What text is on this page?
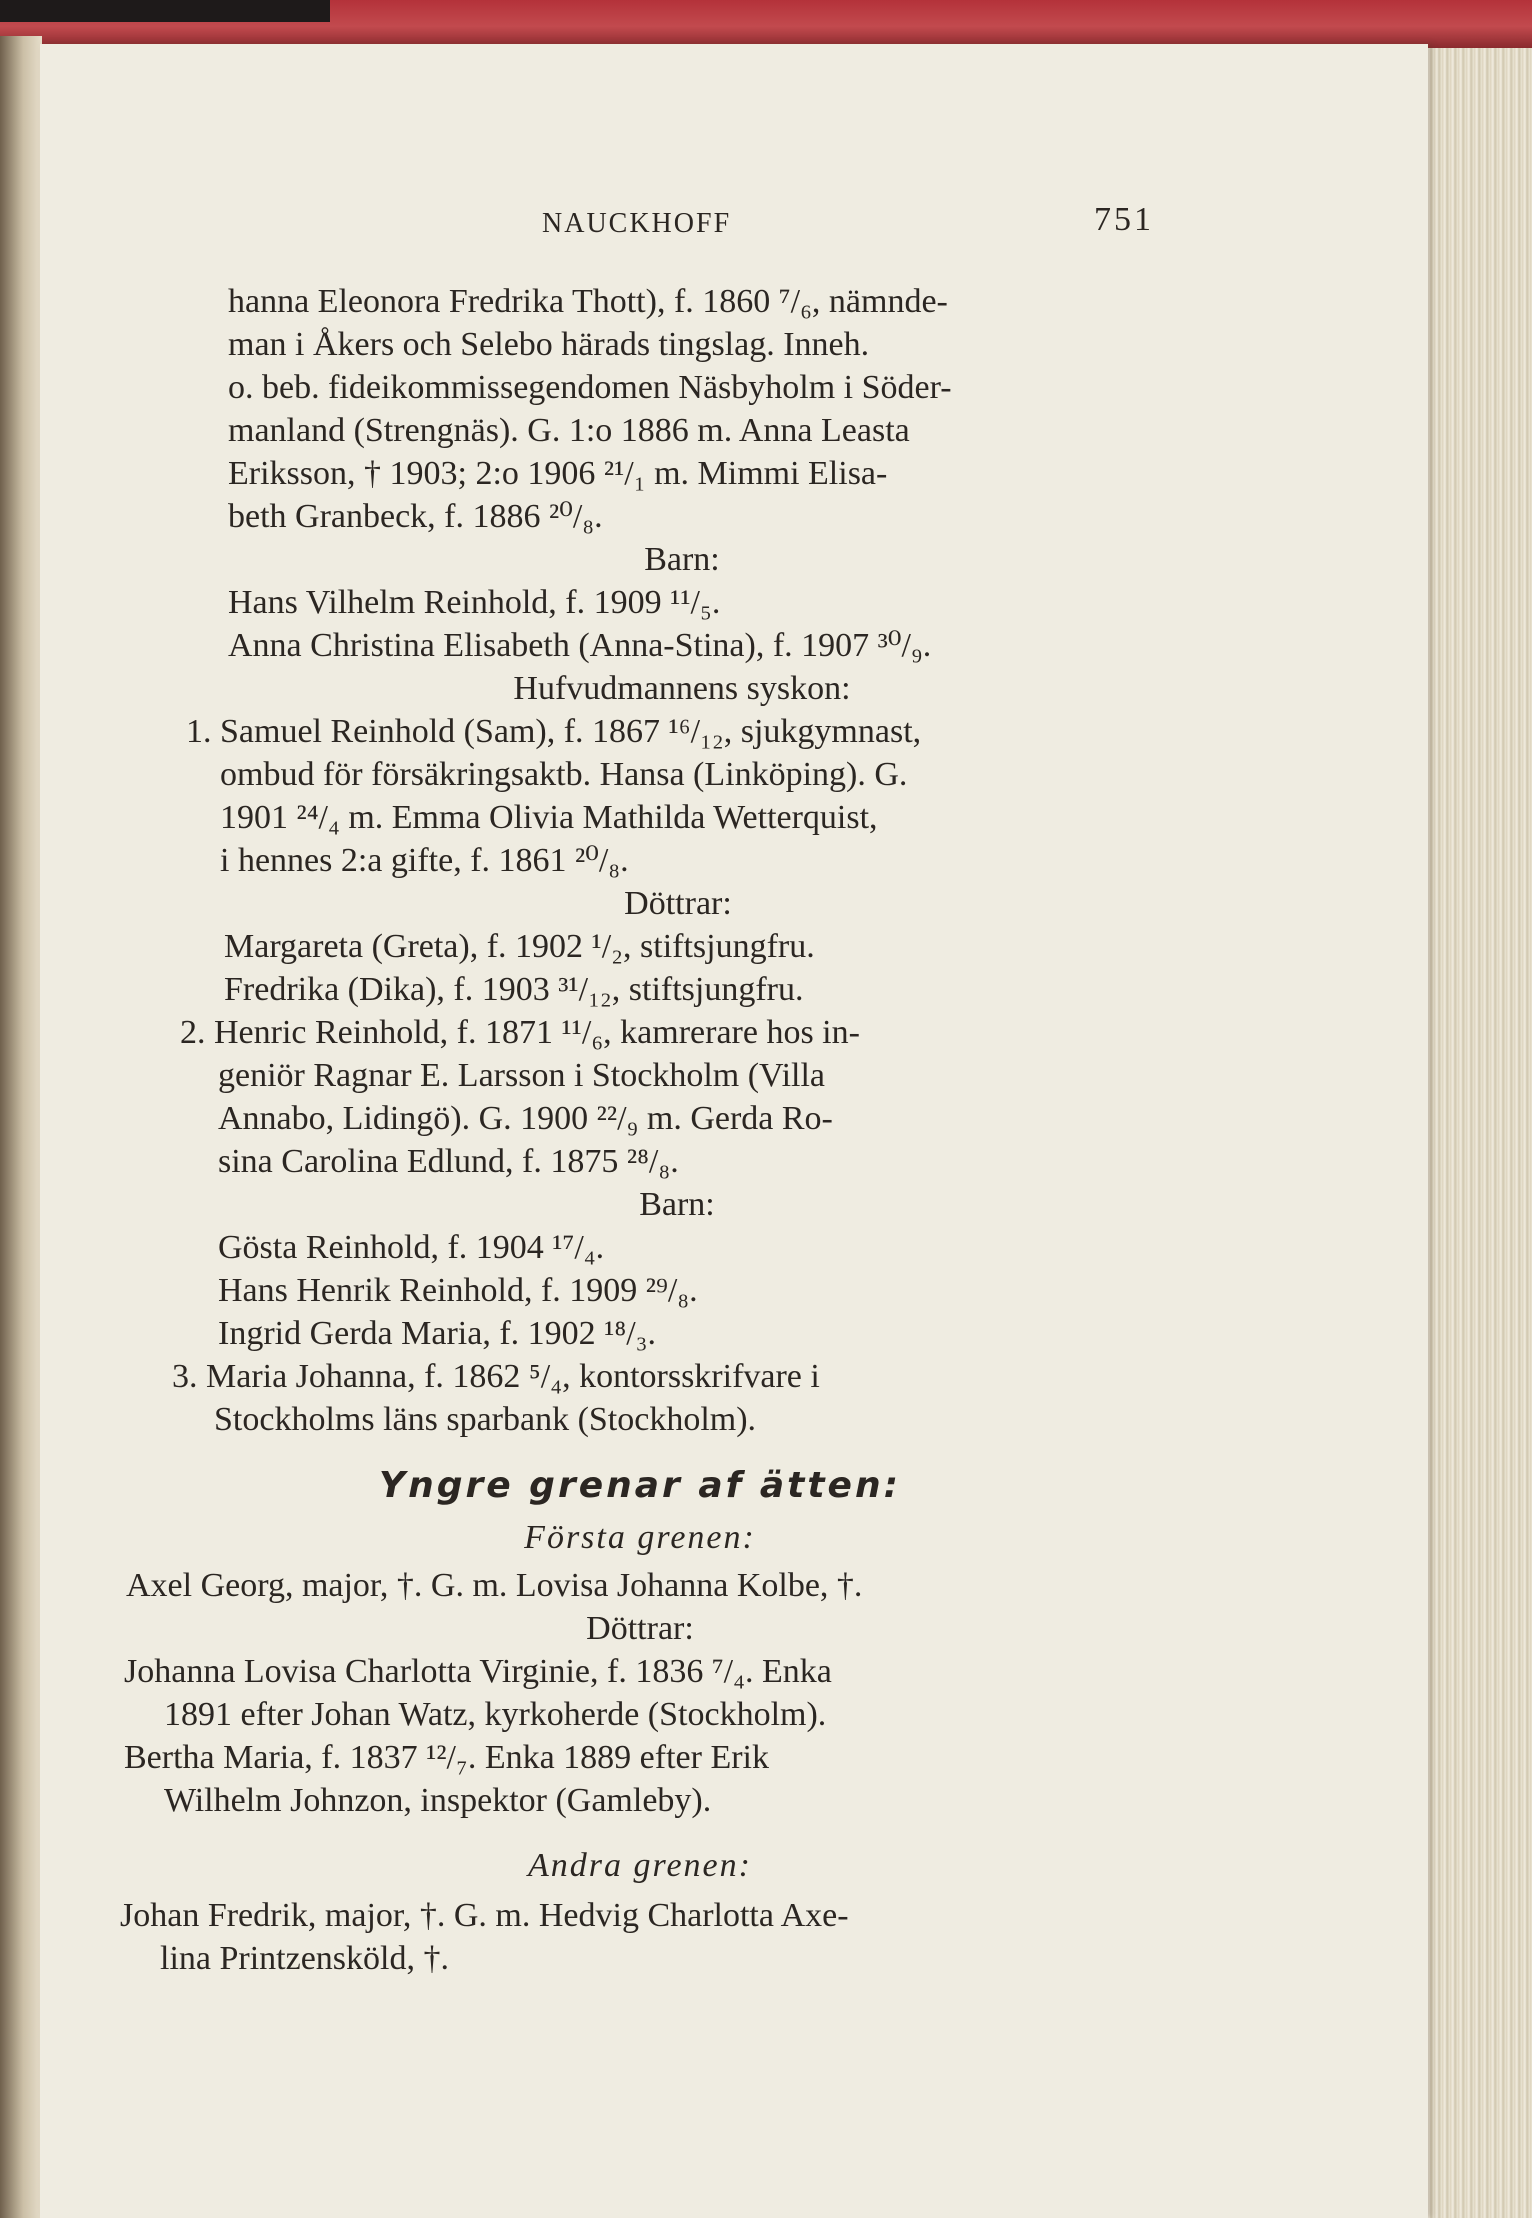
NAUCKHOFF	751

hanna Eleonora Fredrika Thott), f. 1860 ⁷/₆, nämnde-

man i Åkers och Selebo härads tingslag. Inneh.

o. beb. fideikommissegendomen Näsbyholm i Söder-

manland (Strengnäs). G. 1:o 1886 m. Anna Leasta

Eriksson, † 1903; 2:o 1906 ²¹/₁ m. Mimmi Elisa-

beth Granbeck, f. 1886 ²⁰/₈.

Barn:

Hans Vilhelm Reinhold, f. 1909 ¹¹/₅.

Anna Christina Elisabeth (Anna-Stina), f. 1907 ³⁰/₉.

Hufvudmannens syskon:

1. Samuel Reinhold (Sam), f. 1867 ¹⁶/₁₂, sjukgymnast,

ombud för försäkringsaktb. Hansa (Linköping). G.

1901 ²⁴/₄ m. Emma Olivia Mathilda Wetterquist,

i hennes 2:a gifte, f. 1861 ²⁰/₈.

Döttrar:

Margareta (Greta), f. 1902 ¹/₂, stiftsjungfru.

Fredrika (Dika), f. 1903 ³¹/₁₂, stiftsjungfru.

2. Henric Reinhold, f. 1871 ¹¹/₆, kamrerare hos in-

geniör Ragnar E. Larsson i Stockholm (Villa

Annabo, Lidingö). G. 1900 ²²/₉ m. Gerda Ro-

sina Carolina Edlund, f. 1875 ²⁸/₈.

Barn:

Gösta Reinhold, f. 1904 ¹⁷/₄.

Hans Henrik Reinhold, f. 1909 ²⁹/₈.

Ingrid Gerda Maria, f. 1902 ¹⁸/₃.

3. Maria Johanna, f. 1862 ⁵/₄, kontorsskrifvare i

Stockholms läns sparbank (Stockholm).

Yngre grenar af ätten:

Första grenen:

Axel Georg, major, †. G. m. Lovisa Johanna Kolbe, †.

Döttrar:

Johanna Lovisa Charlotta Virginie, f. 1836 ⁷/₄. Enka

1891 efter Johan Watz, kyrkoherde (Stockholm).

Bertha Maria, f. 1837 ¹²/₇. Enka 1889 efter Erik

Wilhelm Johnzon, inspektor (Gamleby).

Andra grenen:

Johan Fredrik, major, †. G. m. Hedvig Charlotta Axe-

lina Printzensköld, †.
